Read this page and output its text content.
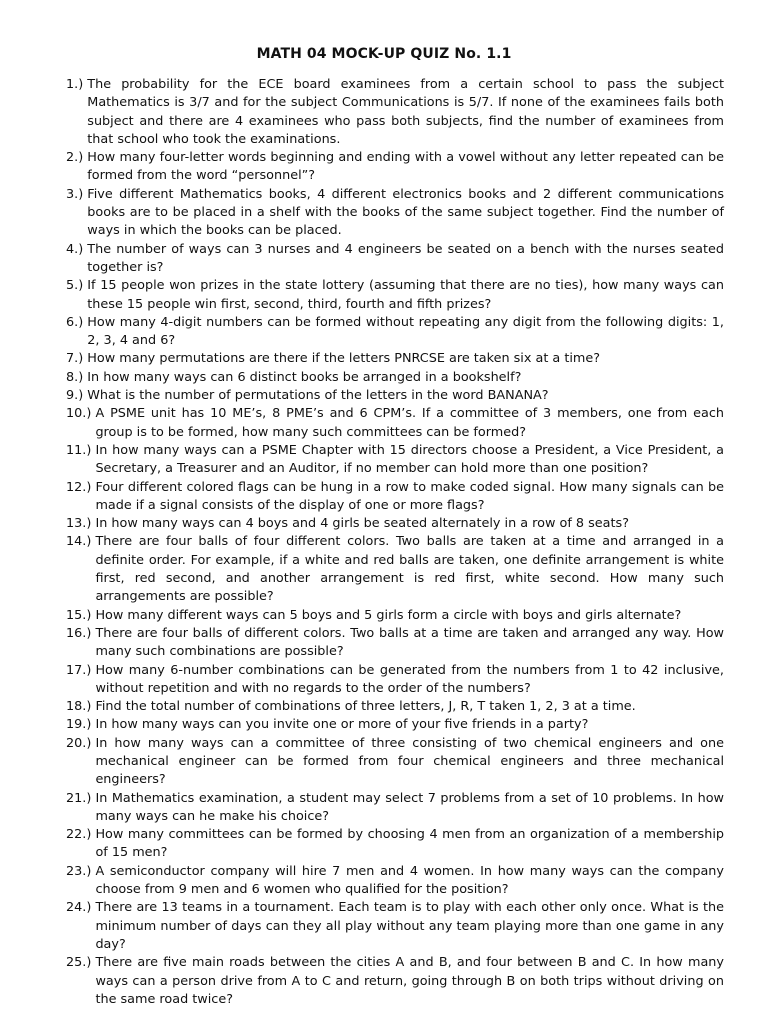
MATH 04 MOCK-UP QUIZ No. 1.1
1.)
The probability for the ECE board examinees from a certain school to pass the subject Mathematics is 3/7 and for the subject Communications is 5/7. If none of the examinees fails both subject and there are 4 examinees who pass both subjects, find the number of examinees from that school who took the examinations.
2.)
How many four-letter words beginning and ending with a vowel without any letter repeated can be formed from the word “personnel”?
3.)
Five different Mathematics books, 4 different electronics books and 2 different communications books are to be placed in a shelf with the books of the same subject together. Find the number of ways in which the books can be placed.
4.)
The number of ways can 3 nurses and 4 engineers be seated on a bench with the nurses seated together is?
5.)
If 15 people won prizes in the state lottery (assuming that there are no ties), how many ways can these 15 people win first, second, third, fourth and fifth prizes?
6.)
How many 4-digit numbers can be formed without repeating any digit from the following digits: 1, 2, 3, 4 and 6?
7.)
How many permutations are there if the letters PNRCSE are taken six at a time?
8.)
In how many ways can 6 distinct books be arranged in a bookshelf?
9.)
What is the number of permutations of the letters in the word BANANA?
10.)
A PSME unit has 10 ME’s, 8 PME’s and 6 CPM’s. If a committee of 3 members, one from each group is to be formed, how many such committees can be formed?
11.)
In how many ways can a PSME Chapter with 15 directors choose a President, a Vice President, a Secretary, a Treasurer and an Auditor, if no member can hold more than one position?
12.)
Four different colored flags can be hung in a row to make coded signal. How many signals can be made if a signal consists of the display of one or more flags?
13.)
In how many ways can 4 boys and 4 girls be seated alternately in a row of 8 seats?
14.)
There are four balls of four different colors. Two balls are taken at a time and arranged in a definite order. For example, if a white and red balls are taken, one definite arrangement is white first, red second, and another arrangement is red first, white second. How many such arrangements are possible?
15.)
How many different ways can 5 boys and 5 girls form a circle with boys and girls alternate?
16.)
There are four balls of different colors. Two balls at a time are taken and arranged any way. How many such combinations are possible?
17.)
How many 6-number combinations can be generated from the numbers from 1 to 42 inclusive, without repetition and with no regards to the order of the numbers?
18.)
Find the total number of combinations of three letters, J, R, T taken 1, 2, 3 at a time.
19.)
In how many ways can you invite one or more of your five friends in a party?
20.)
In how many ways can a committee of three consisting of two chemical engineers and one mechanical engineer can be formed from four chemical engineers and three mechanical engineers?
21.)
In Mathematics examination, a student may select 7 problems from a set of 10 problems. In how many ways can he make his choice?
22.)
How many committees can be formed by choosing 4 men from an organization of a membership of 15 men?
23.)
A semiconductor company will hire 7 men and 4 women. In how many ways can the company choose from 9 men and 6 women who qualified for the position?
24.)
There are 13 teams in a tournament. Each team is to play with each other only once. What is the minimum number of days can they all play without any team playing more than one game in any day?
25.)
There are five main roads between the cities A and B, and four between B and C. In how many ways can a person drive from A to C and return, going through B on both trips without driving on the same road twice?
